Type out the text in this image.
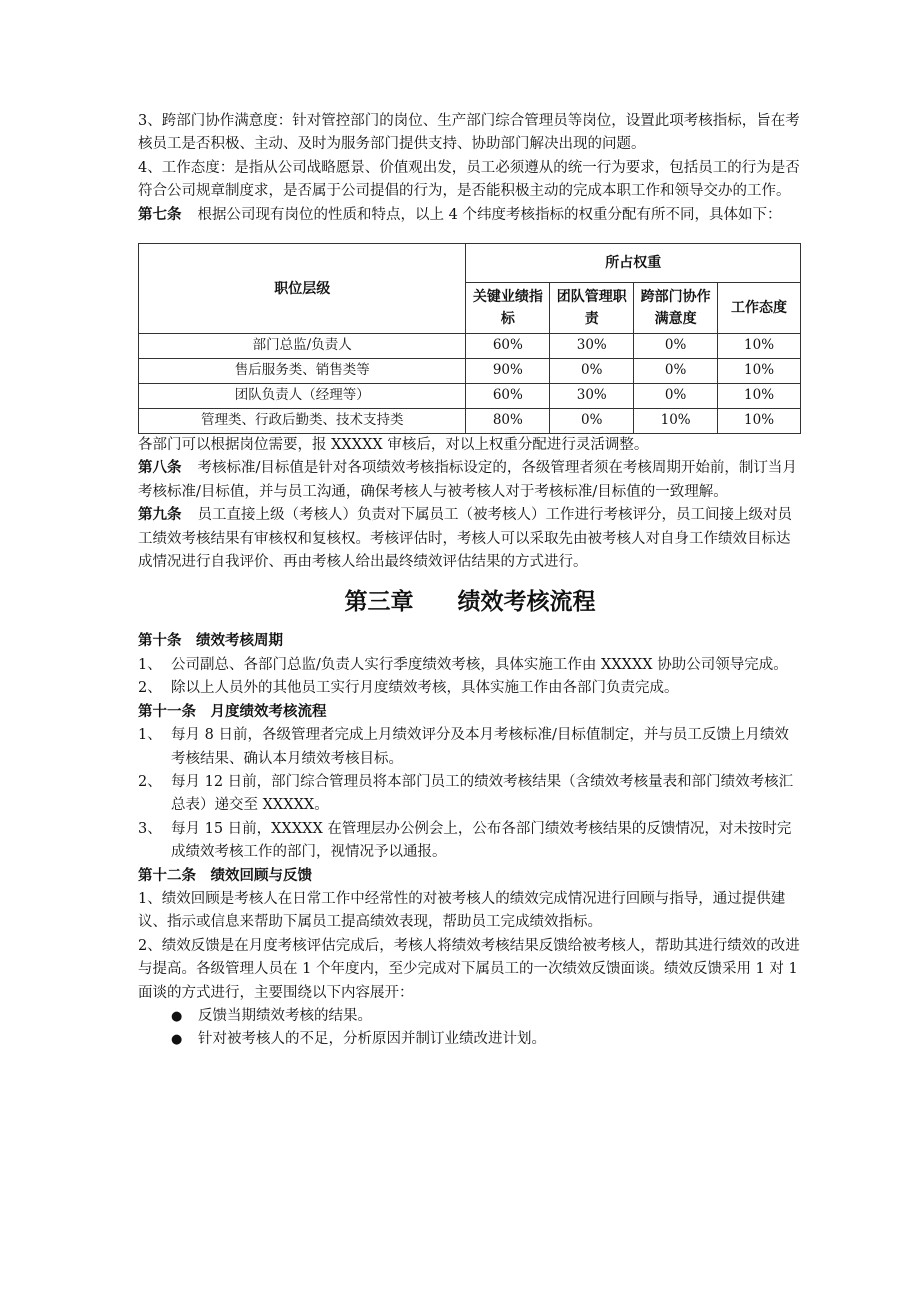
3、跨部门协作满意度：针对管控部门的岗位、生产部门综合管理员等岗位，设置此项考核指标，旨在考核员工是否积极、主动、及时为服务部门提供支持、协助部门解决出现的问题。

4、工作态度：是指从公司战略愿景、价值观出发，员工必须遵从的统一行为要求，包括员工的行为是否符合公司规章制度求，是否属于公司提倡的行为，是否能积极主动的完成本职工作和领导交办的工作。

第七条 根据公司现有岗位的性质和特点，以上 4 个纬度考核指标的权重分配有所不同，具体如下：

职位层级	所占权重			
	关键业绩指标	团队管理职责	跨部门协作满意度	工作态度
部门总监/负责人	60%	30%	0%	10%
售后服务类、销售类等	90%	0%	0%	10%
团队负责人（经理等）	60%	30%	0%	10%
管理类、行政后勤类、技术支持类	80%	0%	10%	10%

各部门可以根据岗位需要，报 XXXXX 审核后，对以上权重分配进行灵活调整。

第八条 考核标准/目标值是针对各项绩效考核指标设定的，各级管理者须在考核周期开始前，制订当月考核标准/目标值，并与员工沟通，确保考核人与被考核人对于考核标准/目标值的一致理解。

第九条 员工直接上级（考核人）负责对下属员工（被考核人）工作进行考核评分，员工间接上级对员工绩效考核结果有审核权和复核权。考核评估时，考核人可以采取先由被考核人对自身工作绩效目标达成情况进行自我评价、再由考核人给出最终绩效评估结果的方式进行。

第三章 绩效考核流程

第十条　绩效考核周期

1、 公司副总、各部门总监/负责人实行季度绩效考核，具体实施工作由 XXXXX 协助公司领导完成。
2、 除以上人员外的其他员工实行月度绩效考核，具体实施工作由各部门负责完成。

第十一条　月度绩效考核流程

1、 每月 8 日前，各级管理者完成上月绩效评分及本月考核标准/目标值制定，并与员工反馈上月绩效考核结果、确认本月绩效考核目标。
2、 每月 12 日前，部门综合管理员将本部门员工的绩效考核结果（含绩效考核量表和部门绩效考核汇总表）递交至 XXXXX。
3、 每月 15 日前，XXXXX 在管理层办公例会上，公布各部门绩效考核结果的反馈情况，对未按时完成绩效考核工作的部门，视情况予以通报。

第十二条　绩效回顾与反馈

1、绩效回顾是考核人在日常工作中经常性的对被考核人的绩效完成情况进行回顾与指导，通过提供建议、指示或信息来帮助下属员工提高绩效表现，帮助员工完成绩效指标。

2、绩效反馈是在月度考核评估完成后，考核人将绩效考核结果反馈给被考核人，帮助其进行绩效的改进与提高。各级管理人员在 1 个年度内，至少完成对下属员工的一次绩效反馈面谈。绩效反馈采用 1 对 1 面谈的方式进行，主要围绕以下内容展开：

● 反馈当期绩效考核的结果。
● 针对被考核人的不足，分析原因并制订业绩改进计划。
